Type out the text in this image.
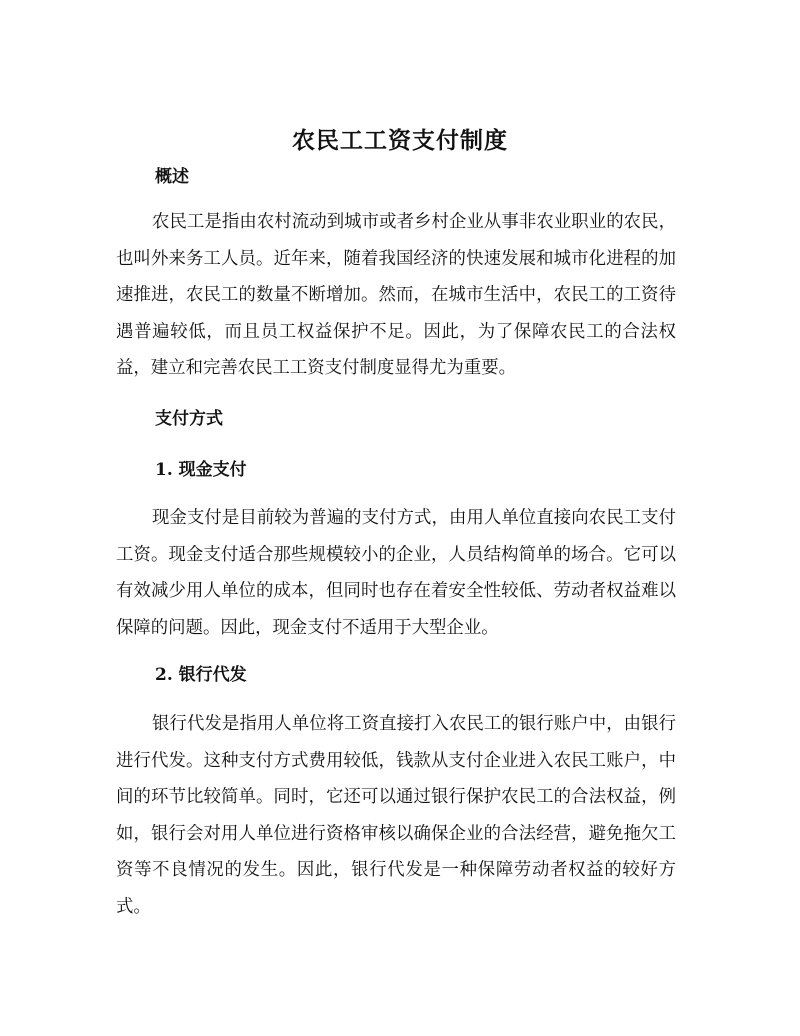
农民工工资支付制度
概述

农民工是指由农村流动到城市或者乡村企业从事非农业职业的农民，也叫外来务工人员。近年来，随着我国经济的快速发展和城市化进程的加速推进，农民工的数量不断增加。然而，在城市生活中，农民工的工资待遇普遍较低，而且员工权益保护不足。因此，为了保障农民工的合法权益，建立和完善农民工工资支付制度显得尤为重要。

支付方式
1. 现金支付

现金支付是目前较为普遍的支付方式，由用人单位直接向农民工支付工资。现金支付适合那些规模较小的企业，人员结构简单的场合。它可以有效减少用人单位的成本，但同时也存在着安全性较低、劳动者权益难以保障的问题。因此，现金支付不适用于大型企业。

2. 银行代发

银行代发是指用人单位将工资直接打入农民工的银行账户中，由银行进行代发。这种支付方式费用较低，钱款从支付企业进入农民工账户，中间的环节比较简单。同时，它还可以通过银行保护农民工的合法权益，例如，银行会对用人单位进行资格审核以确保企业的合法经营，避免拖欠工资等不良情况的发生。因此，银行代发是一种保障劳动者权益的较好方式。
